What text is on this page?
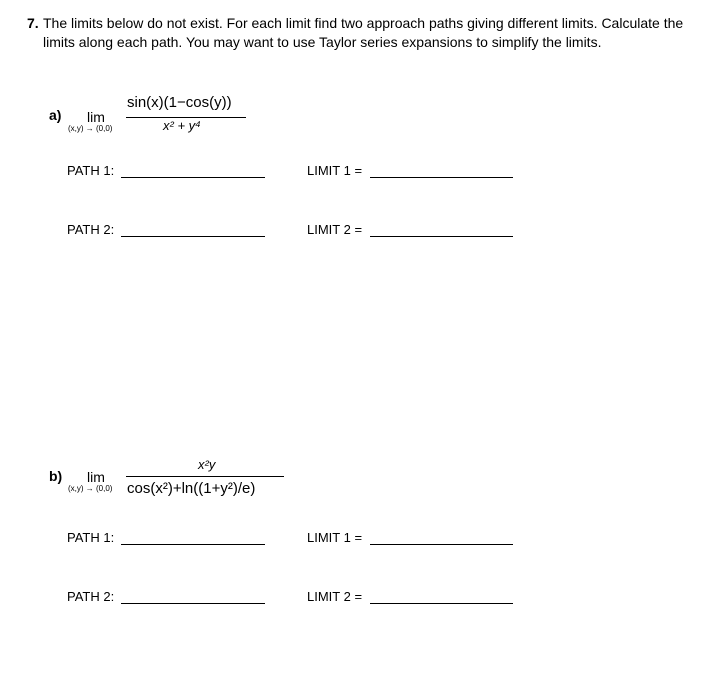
7. The limits below do not exist. For each limit find two approach paths giving different limits. Calculate the limits along each path. You may want to use Taylor series expansions to simplify the limits.
a) lim
(x,y) → (0,0)
sin(x)(1−cos(y))
x² + y⁴
PATH 1:	LIMIT 1 =
PATH 2:	LIMIT 2 =
b) lim
(x,y) → (0,0)
x²y
cos(x²)+ln((1+y²)/e)
PATH 1:	LIMIT 1 =
PATH 2:	LIMIT 2 =
